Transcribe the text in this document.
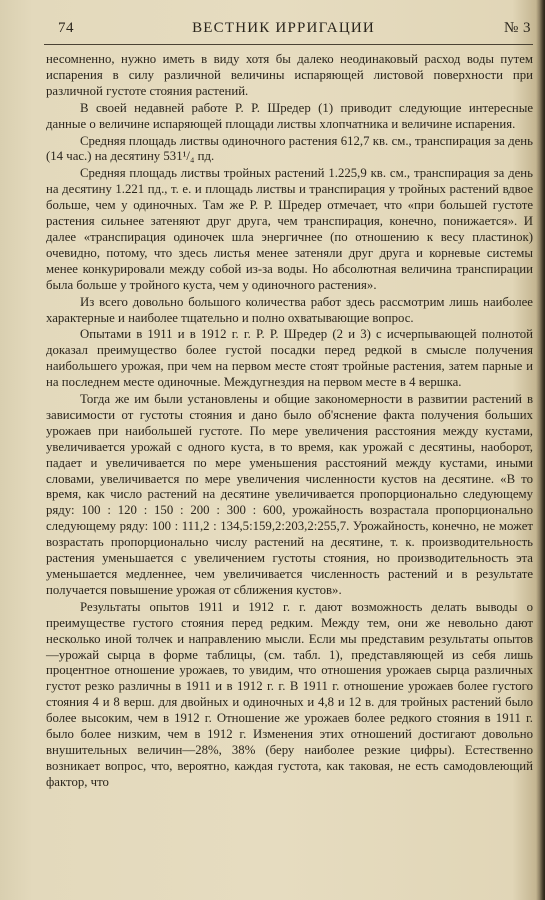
74	ВЕСТНИК ИРРИГАЦИИ	№ 3

несомненно, нужно иметь в виду хотя бы далеко неодинаковый расход воды путем испарения в силу различной величины испаряющей листовой поверхности при различной густоте стояния растений.

В своей недавней работе Р. Р. Шредер (1) приводит следующие интересные данные о величине испаряющей площади листвы хлопчатника и величине испарения.

Средняя площадь листвы одиночного растения 612,7 кв. см., транспирация за день (14 час.) на десятину 531¹/₄ пд.

Средняя площадь листвы тройных растений 1.225,9 кв. см., транспирация за день на десятину 1.221 пд., т. е. и площадь листвы и транспирация у тройных растений вдвое больше, чем у одиночных. Там же Р. Р. Шредер отмечает, что «при большей густоте растения сильнее затеняют друг друга, чем транспирация, конечно, понижается». И далее «транспирация одиночек шла энергичнее (по отношению к весу пластинок) очевидно, потому, что здесь листья менее затеняли друг друга и корневые системы менее конкурировали между собой из-за воды. Но абсолютная величина транспирации была больше у тройного куста, чем у одиночного растения».

Из всего довольно большого количества работ здесь рассмотрим лишь наиболее характерные и наиболее тщательно и полно охватывающие вопрос.

Опытами в 1911 и в 1912 г. г. Р. Р. Шредер (2 и 3) с исчерпывающей полнотой доказал преимущество более густой посадки перед редкой в смысле получения наибольшего урожая, при чем на первом месте стоят тройные растения, затем парные и на последнем месте одиночные. Междугнездия на первом месте в 4 вершка.

Тогда же им были установлены и общие закономерности в развитии растений в зависимости от густоты стояния и дано было об'яснение факта получения больших урожаев при наибольшей густоте. По мере увеличения расстояния между кустами, увеличивается урожай с одного куста, в то время, как урожай с десятины, наоборот, падает и увеличивается по мере уменьшения расстояний между кустами, иными словами, увеличивается по мере увеличения численности кустов на десятине. «В то время, как число растений на десятине увеличивается пропорционально следующему ряду: 100 : 120 : 150 : 200 : 300 : 600, урожайность возрастала пропорционально следующему ряду: 100 : 111,2 : 134,5:159,2:203,2:255,7. Урожайность, конечно, не может возрастать пропорционально числу растений на десятине, т. к. производительность растения уменьшается с увеличением густоты стояния, но производительность эта уменьшается медленнее, чем увеличивается численность растений и в результате получается повышение урожая от сближения кустов».

Результаты опытов 1911 и 1912 г. г. дают возможность делать выводы о преимуществе густого стояния перед редким. Между тем, они же невольно дают несколько иной толчек и направлению мысли. Если мы представим результаты опытов—урожай сырца в форме таблицы, (см. табл. 1), представляющей из себя лишь процентное отношение урожаев, то увидим, что отношения урожаев сырца различных густот резко различны в 1911 и в 1912 г. г. В 1911 г. отношение урожаев более густого стояния 4 и 8 верш. для двойных и одиночных и 4,8 и 12 в. для тройных растений было более высоким, чем в 1912 г. Отношение же урожаев более редкого стояния в 1911 г. было более низким, чем в 1912 г. Изменения этих отношений достигают довольно внушительных величин—28%, 38% (беру наиболее резкие цифры). Естественно возникает вопрос, что, вероятно, каждая густота, как таковая, не есть самодовлеющий фактор, что
